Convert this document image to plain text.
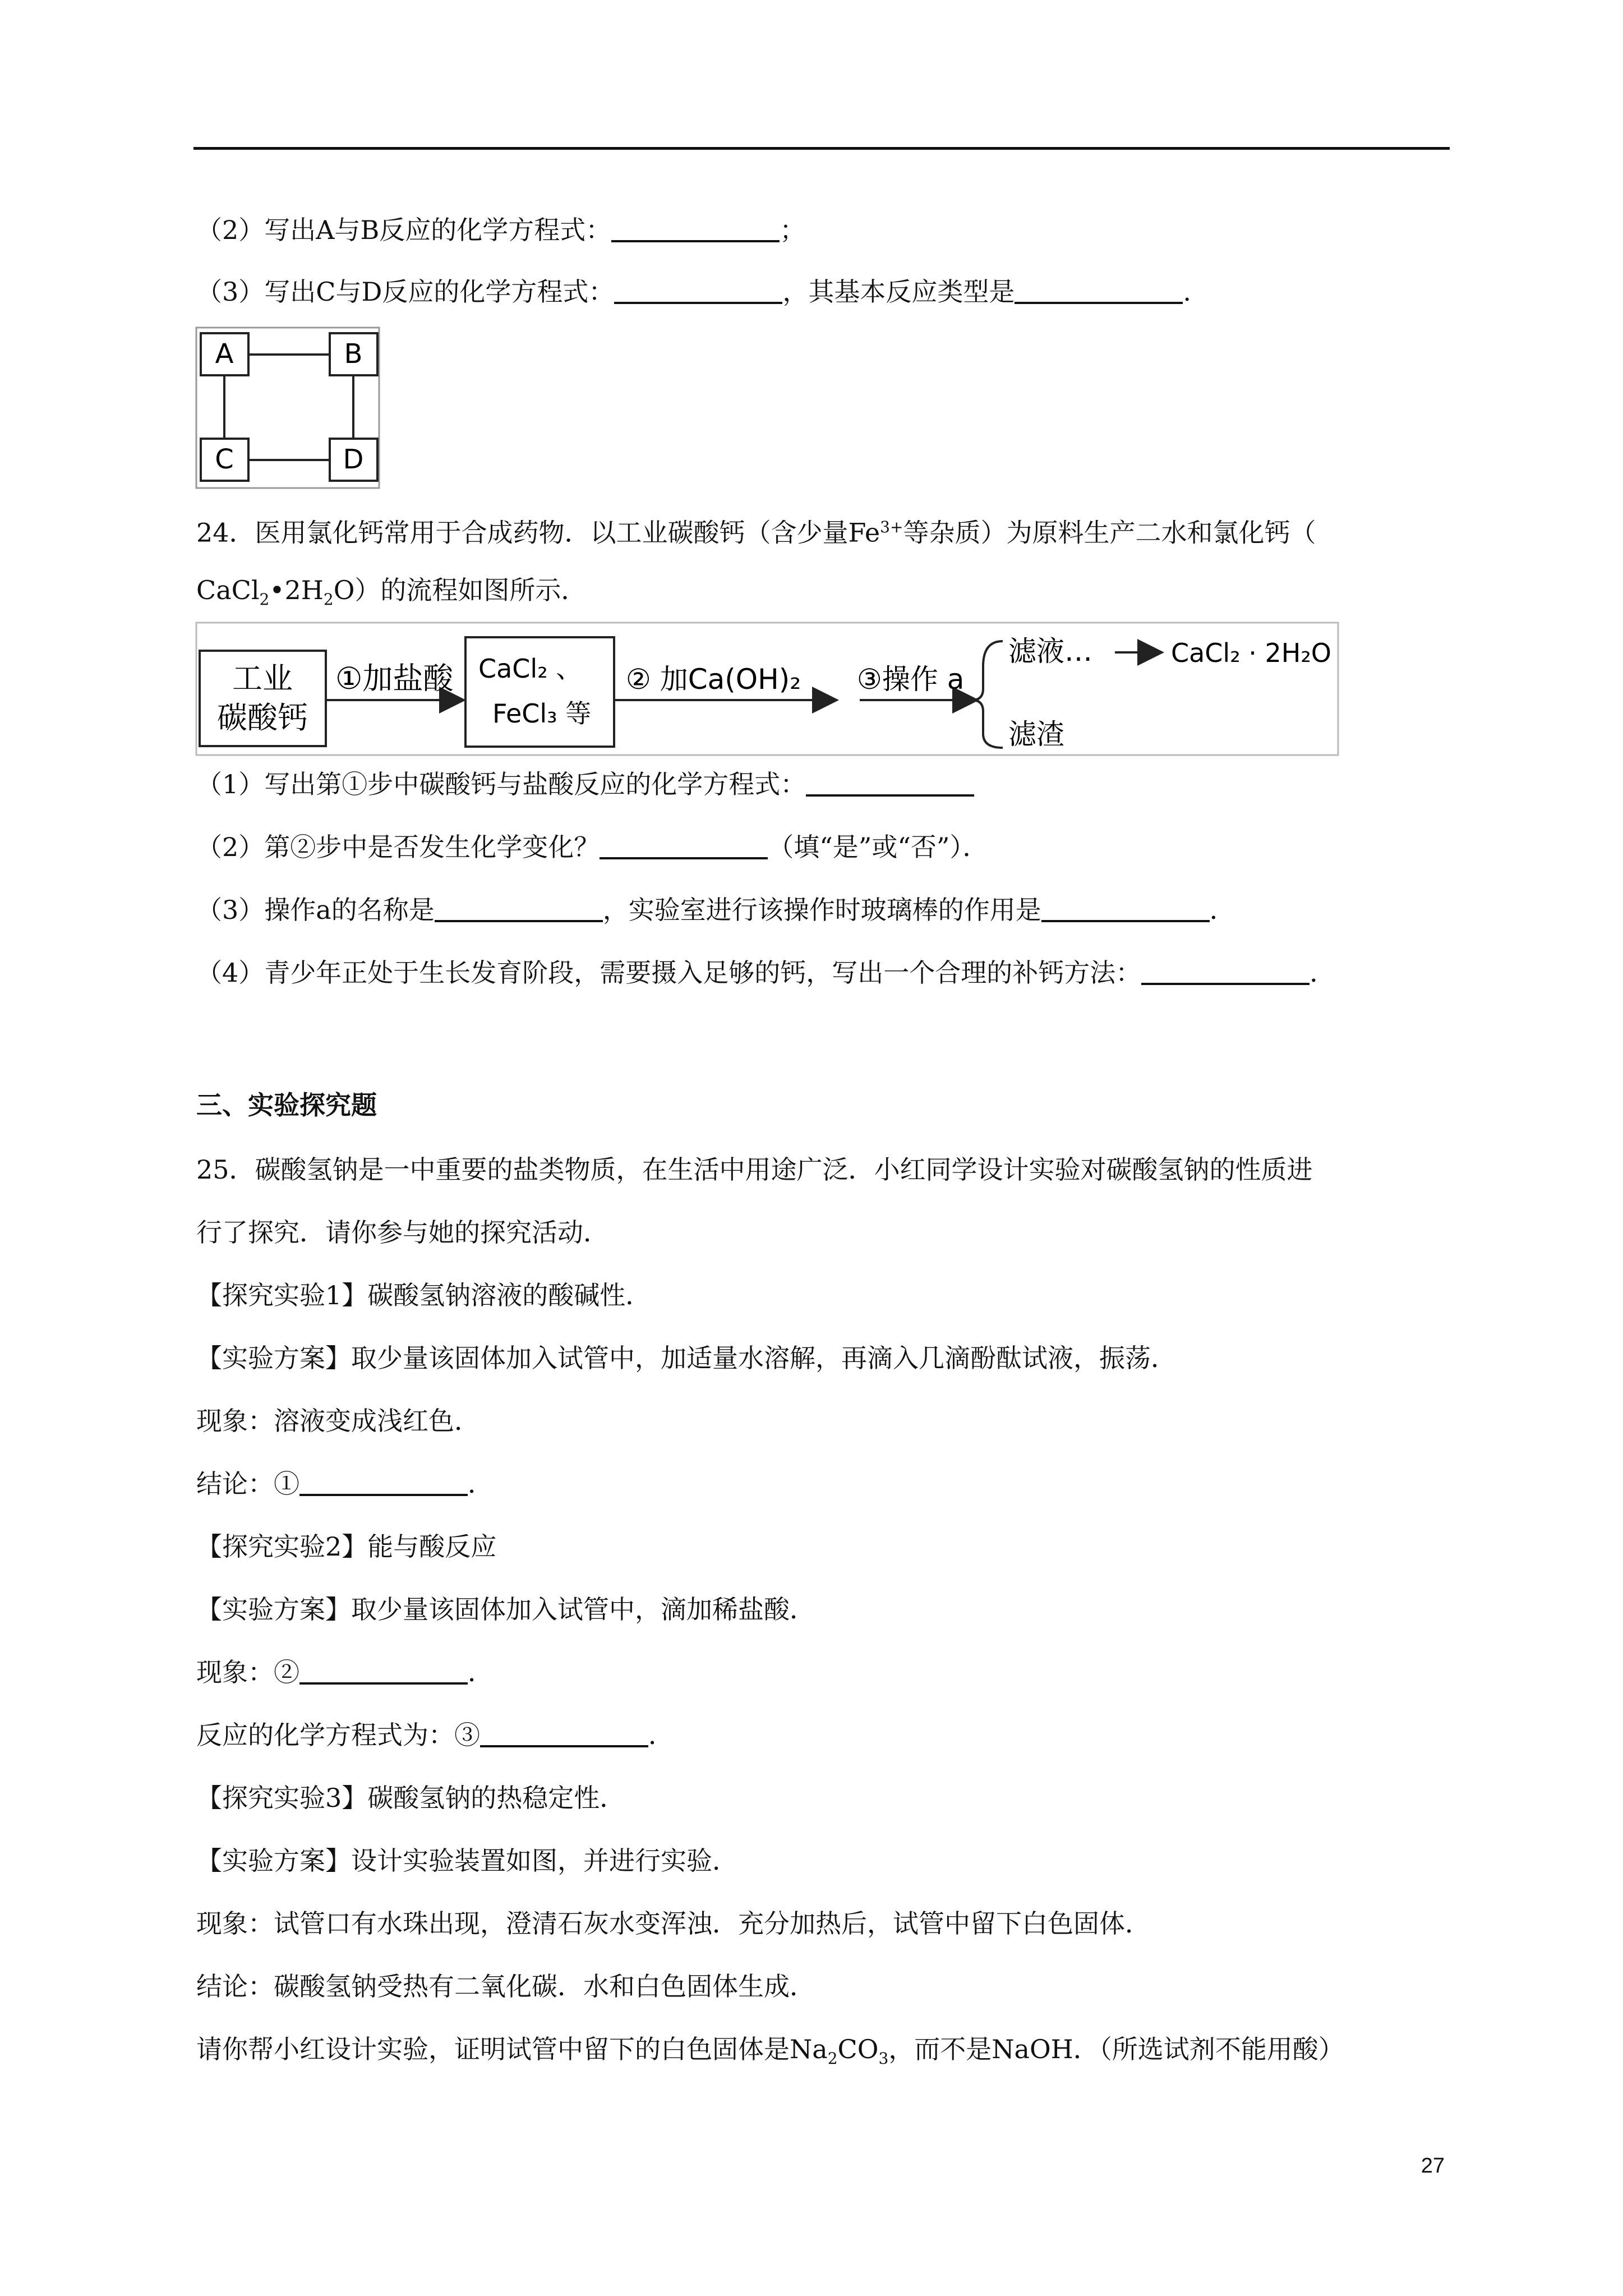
（2）写出A与B反应的化学方程式：	；
（3）写出C与D反应的化学方程式：	，其基本反应类型是	.
A	B
C	D
24．医用氯化钙常用于合成药物．以工业碳酸钙（含少量$Fe^{3+}$等杂质）为原料生产二水和氯化钙（
$CaCl_2•2H_2O$）的流程如图所示．
工业
碳酸钙
①加盐酸 CaCl₂ 、
FeCl₃ 等
② 加Ca(OH)₂ ③操作 a
滤液…	CaCl₂ · 2H₂O
滤渣
（1）写出第①步中碳酸钙与盐酸反应的化学方程式：
（2）第②步中是否发生化学变化？	（填“是”或“否”）．
（3）操作a的名称是	，实验室进行该操作时玻璃棒的作用是	．
（4）青少年正处于生长发育阶段，需要摄入足够的钙，写出一个合理的补钙方法：	．
三、实验探究题
25．碳酸氢钠是一中重要的盐类物质，在生活中用途广泛．小红同学设计实验对碳酸氢钠的性质进
行了探究．请你参与她的探究活动．
【探究实验1】碳酸氢钠溶液的酸碱性．
【实验方案】取少量该固体加入试管中，加适量水溶解，再滴入几滴酚酞试液，振荡．
现象：溶液变成浅红色．
结论：①	．
【探究实验2】能与酸反应
【实验方案】取少量该固体加入试管中，滴加稀盐酸．
现象：②	．
反应的化学方程式为：③	．
【探究实验3】碳酸氢钠的热稳定性．
【实验方案】设计实验装置如图，并进行实验．
现象：试管口有水珠出现，澄清石灰水变浑浊．充分加热后，试管中留下白色固体．
结论：碳酸氢钠受热有二氧化碳．水和白色固体生成．
请你帮小红设计实验，证明试管中留下的白色固体是$Na_2CO_3$，而不是NaOH．（所选试剂不能用酸）
27
